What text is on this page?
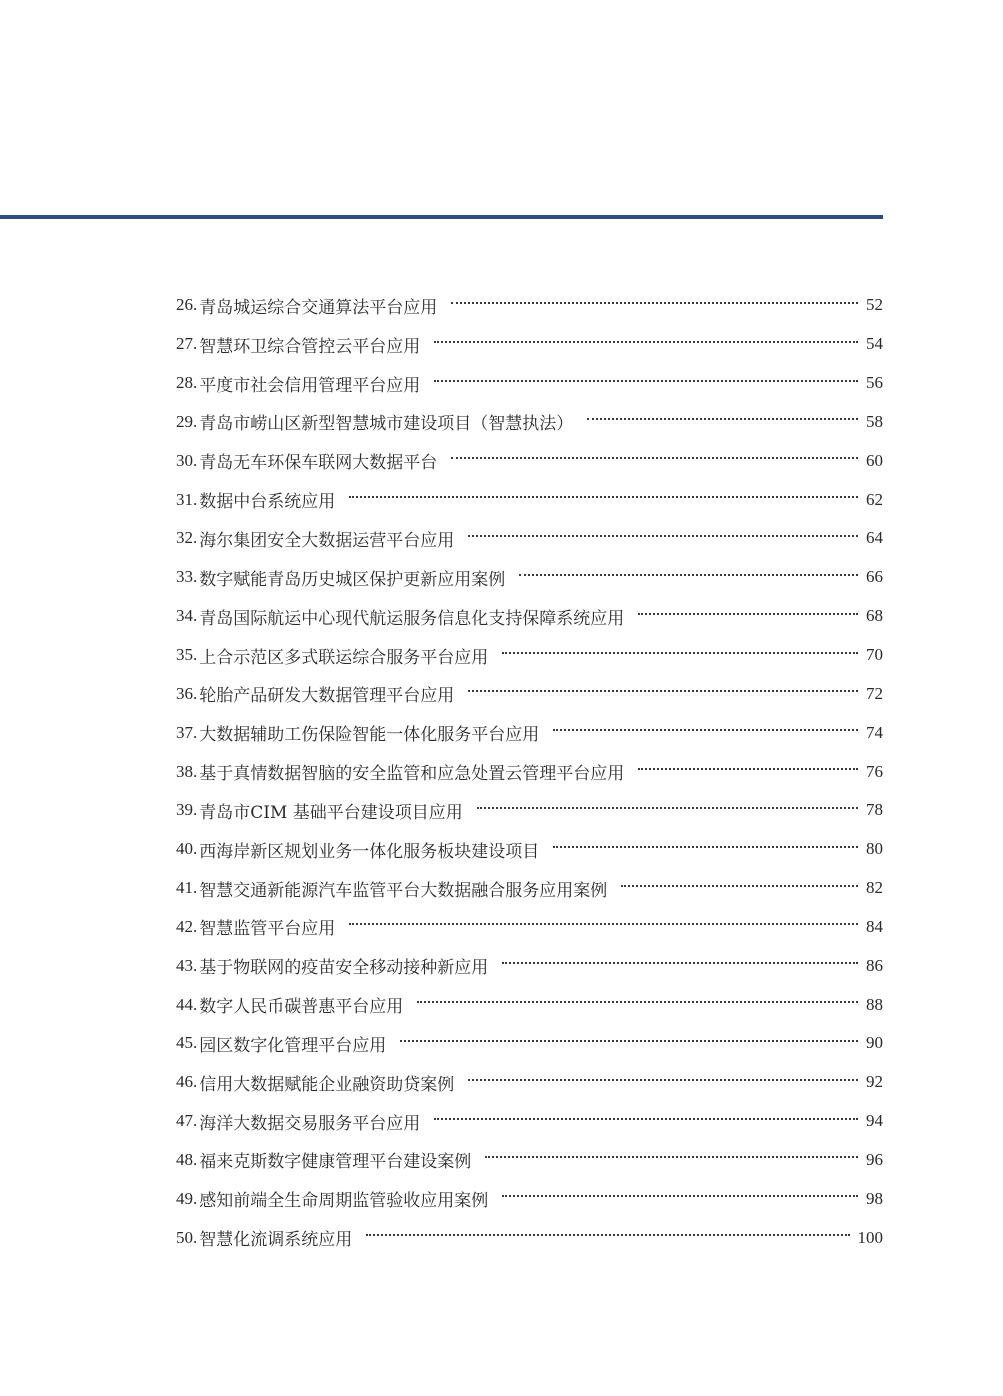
26. 青岛城运综合交通算法平台应用	52
27. 智慧环卫综合管控云平台应用	54
28. 平度市社会信用管理平台应用	56
29. 青岛市崂山区新型智慧城市建设项目（智慧执法）	58
30. 青岛无车环保车联网大数据平台	60
31. 数据中台系统应用	62
32. 海尔集团安全大数据运营平台应用	64
33. 数字赋能青岛历史城区保护更新应用案例	66
34. 青岛国际航运中心现代航运服务信息化支持保障系统应用	68
35. 上合示范区多式联运综合服务平台应用	70
36. 轮胎产品研发大数据管理平台应用	72
37. 大数据辅助工伤保险智能一体化服务平台应用	74
38. 基于真情数据智脑的安全监管和应急处置云管理平台应用	76
39. 青岛市CIM 基础平台建设项目应用	78
40. 西海岸新区规划业务一体化服务板块建设项目	80
41. 智慧交通新能源汽车监管平台大数据融合服务应用案例	82
42. 智慧监管平台应用	84
43. 基于物联网的疫苗安全移动接种新应用	86
44. 数字人民币碳普惠平台应用	88
45. 园区数字化管理平台应用	90
46. 信用大数据赋能企业融资助贷案例	92
47. 海洋大数据交易服务平台应用	94
48. 福来克斯数字健康管理平台建设案例	96
49. 感知前端全生命周期监管验收应用案例	98
50. 智慧化流调系统应用	100
